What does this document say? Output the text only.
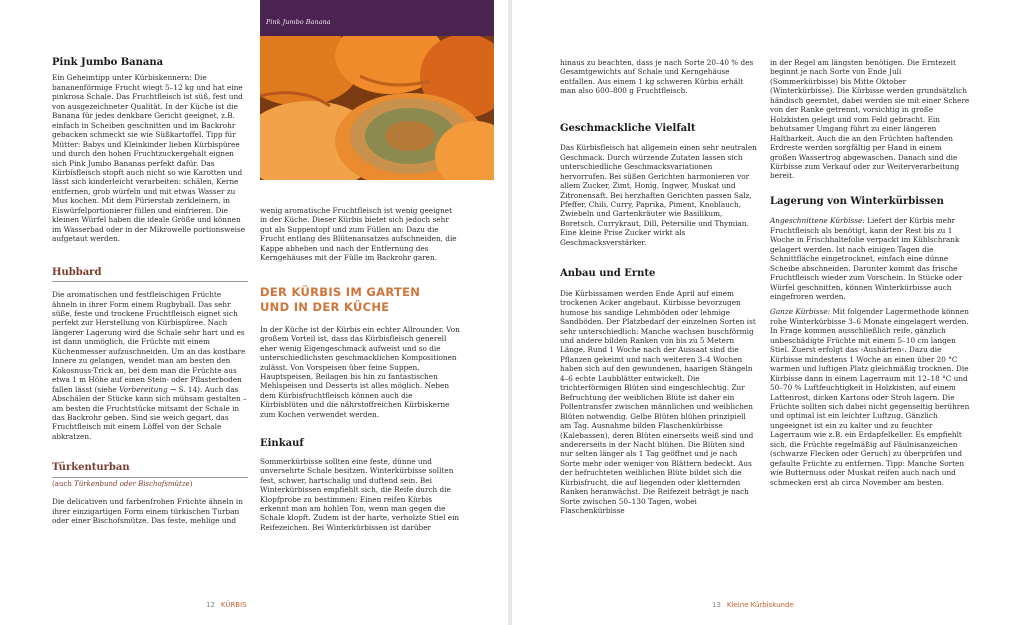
Pink Jumbo Banana
Pink Jumbo Banana

Ein Geheimtipp unter Kürbiskennern: Die bananenförmige Frucht wiegt 5–12 kg und hat eine pinkrosa Schale. Das Fruchtfleisch ist süß, fest und von ausgezeichneter Qualität. In der Küche ist die Banana für jedes denkbare Gericht geeignet, z.B. einfach in Scheiben geschnitten und im Backrohr gebacken schmeckt sie wie Süßkartoffel. Tipp für Mütter: Babys und Kleinkinder lieben Kürbispüree und durch den hohen Fruchtzuckergehalt eignen sich Pink Jumbo Bananas perfekt dafür. Das Kürbisfleisch stopft auch nicht so wie Karotten und lässt sich kinderleicht verarbeiten: schälen, Kerne entfernen, grob würfeln und mit etwas Wasser zu Mus kochen. Mit dem Pürierstab zerkleinern, in Eiswürfelportionierer füllen und einfrieren. Die kleinen Würfel haben die ideale Größe und können im Wasserbad oder in der Mikrowelle portionsweise aufgetaut werden.

Hubbard

Die aromatischen und festfleischigen Früchte ähneln in ihrer Form einem Rugbyball. Das sehr süße, feste und trockene Fruchtfleisch eignet sich perfekt zur Herstellung von Kürbispüree. Nach längerer Lagerung wird die Schale sehr hart und es ist dann unmöglich, die Früchte mit einem Küchenmesser aufzuschneiden. Um an das kostbare Innere zu gelangen, wendet man am besten den Kokosnuss-Trick an, bei dem man die Früchte aus etwa 1 m Höhe auf einen Stein- oder Pflasterboden fallen lässt (siehe Vorbereitung → S. 14). Auch das Abschälen der Stücke kann sich mühsam gestalten – am besten die Fruchtstücke mitsamt der Schale in das Backrohr geben. Sind sie weich gegart, das Fruchtfleisch mit einem Löffel von der Schale abkratzen.

Türkenturban
(auch Türkenbund oder Bischofsmütze)

Die delicativen und farbenfrohen Früchte ähneln in ihrer einzigartigen Form einem türkischen Turban oder einer Bischofsmütze. Das feste, mehlige und

wenig aromatische Fruchtfleisch ist wenig geeignet in der Küche. Dieser Kürbis bietet sich jedoch sehr gut als Suppentopf und zum Füllen an: Dazu die Frucht entlang des Blütenansatzes aufschneiden, die Kappe abheben und nach der Entfernung des Kerngehäuses mit der Fülle im Backrohr garen.

DER KÜRBIS IM GARTEN
UND IN DER KÜCHE

In der Küche ist der Kürbis ein echter Allrounder. Von großem Vorteil ist, dass das Kürbisfleisch generell eher wenig Eigengeschmack aufweist und so die unterschiedlichsten geschmacklichen Kompositionen zulässt. Von Vorspeisen über feine Suppen, Hauptspeisen, Beilagen bis hin zu fantastischen Mehlspeisen und Desserts ist alles möglich. Neben dem Kürbisfruchtfleisch können auch die Kürbisblüten und die nährstoffreichen Kürbiskerne zum Kochen verwendet werden.

Einkauf

Sommerkürbisse sollten eine feste, dünne und unversehrte Schale besitzen. Winterkürbisse sollten fest, schwer, hartschalig und duftend sein. Bei Winterkürbissen empfiehlt sich, die Reife durch die Klopfprobe zu bestimmen: Einen reifen Kürbis erkennt man am hohlen Ton, wenn man gegen die Schale klopft. Zudem ist der harte, verholzte Stiel ein Reifezeichen. Bei Winterkürbissen ist darüber

12 KÜRBIS

hinaus zu beachten, dass je nach Sorte 20–40 % des Gesamtgewichts auf Schale und Kerngehäuse entfallen. Aus einem 1 kg schweren Kürbis erhält man also 600–800 g Fruchtfleisch.

Geschmackliche Vielfalt

Das Kürbisfleisch hat allgemein einen sehr neutralen Geschmack. Durch würzende Zutaten lassen sich unterschiedliche Geschmacksvariationen hervorrufen. Bei süßen Gerichten harmonieren vor allem Zucker, Zimt, Honig, Ingwer, Muskat und Zitronensaft. Bei herzhaften Gerichten passen Salz, Pfeffer, Chili, Curry, Paprika, Piment, Knoblauch, Zwiebeln und Gartenkräuter wie Basilikum, Boretsch, Currykraut, Dill, Petersilie und Thymian. Eine kleine Prise Zucker wirkt als Geschmacksverstärker.

Anbau und Ernte

Die Kürbissamen werden Ende April auf einem trockenen Acker angebaut. Kürbisse bevorzugen humose bis sandige Lehmböden oder lehmige Sandböden. Der Platzbedarf der einzelnen Sorten ist sehr unterschiedlich: Manche wachsen buschförmig und andere bilden Ranken von bis zu 5 Metern Länge. Rund 1 Woche nach der Aussaat sind die Pflanzen gekeimt und nach weiteren 3–4 Wochen haben sich auf den gewundenen, haarigen Stängeln 4–6 echte Laubblätter entwickelt. Die trichterförmigen Blüten sind eingeschlechtig. Zur Befruchtung der weiblichen Blüte ist daher ein Pollentransfer zwischen männlichen und weiblichen Blüten notwendig. Gelbe Blüten blühen prinzipiell am Tag. Ausnahme bilden Flaschenkürbisse (Kalebassen), deren Blüten einerseits weiß sind und andererseits in der Nacht blühen. Die Blüten sind nur selten länger als 1 Tag geöffnet und je nach Sorte mehr oder weniger von Blättern bedeckt. Aus der befruchteten weiblichen Blüte bildet sich die Kürbisfrucht, die auf liegenden oder kletternden Ranken heranwächst. Die Reifezeit beträgt je nach Sorte zwischen 50–130 Tagen, wobei Flaschenkürbisse

in der Regel am längsten benötigen. Die Erntezeit beginnt je nach Sorte von Ende Juli (Sommerkürbisse) bis Mitte Oktober (Winterkürbisse). Die Kürbisse werden grundsätzlich händisch geerntet, dabei werden sie mit einer Schere von der Ranke getrennt, vorsichtig in große Holzkisten gelegt und vom Feld gebracht. Ein behutsamer Umgang führt zu einer längeren Haltbarkeit. Auch die an den Früchten haftenden Erdreste werden sorgfältig per Hand in einem großen Wassertrog abgewaschen. Danach sind die Kürbisse zum Verkauf oder zur Weiterverarbeitung bereit.

Lagerung von Winterkürbissen

Angeschnittene Kürbisse: Liefert der Kürbis mehr Fruchtfleisch als benötigt, kann der Rest bis zu 1 Woche in Frischhaltefolie verpackt im Kühlschrank gelagert werden. Ist nach einigen Tagen die Schnittfläche eingetrocknet, einfach eine dünne Scheibe abschneiden. Darunter kommt das frische Fruchtfleisch wieder zum Vorschein. In Stücke oder Würfel geschnitten, können Winterkürbisse auch eingefroren werden.

Ganze Kürbisse: Mit folgender Lagermethode können rohe Winterkürbisse 3–6 Monate eingelagert werden. In Frage kommen ausschließlich reife, gänzlich unbeschädigte Früchte mit einem 5–10 cm langen Stiel. Zuerst erfolgt das ›Aushärten‹. Dazu die Kürbisse mindestens 1 Woche an einen über 20 °C warmen und luftigen Platz gleichmäßig trocknen. Die Kürbisse dann in einem Lagerraum mit 12–18 °C und 50–70 % Luftfeuchtigkeit in Holzkisten, auf einem Lattenrost, dicken Kartons oder Stroh lagern. Die Früchte sollten sich dabei nicht gegenseitig berühren und optimal ist ein leichter Luftzug. Gänzlich ungeeignet ist ein zu kalter und zu feuchter Lagerraum wie z.B. ein Erdapfelkeller. Es empfiehlt sich, die Früchte regelmäßig auf Fäulnisanzeichen (schwarze Flecken oder Geruch) zu überprüfen und gefaulte Früchte zu entfernen. Tipp: Manche Sorten wie Butternuss oder Muskat reifen auch nach und schmecken erst ab circa November am besten.

13 Kleine Kürbiskunde
